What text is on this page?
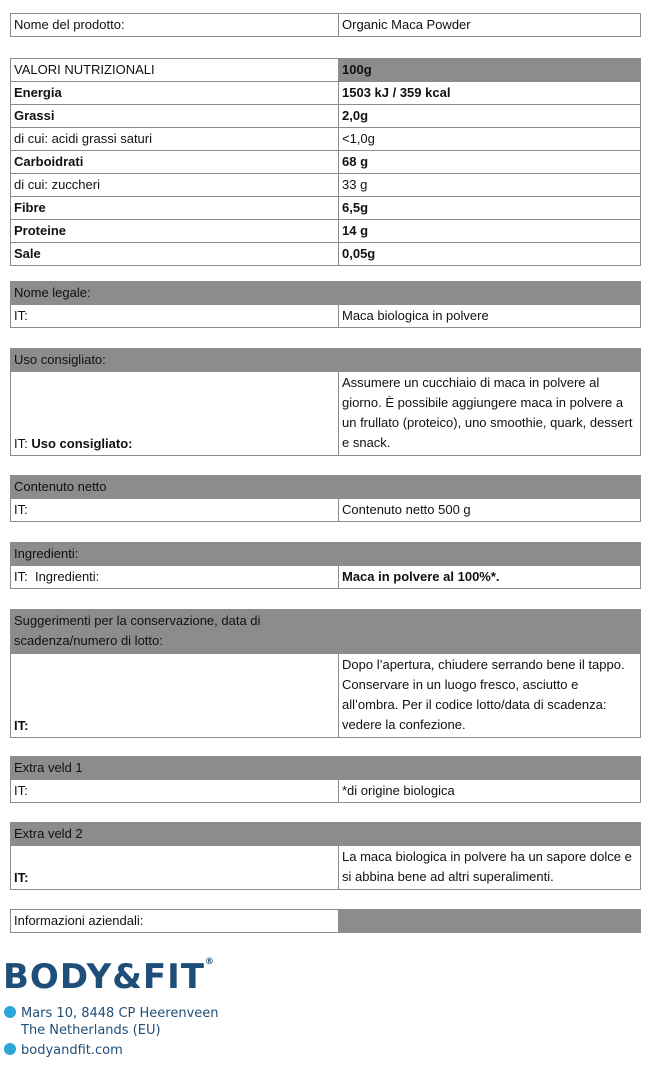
Nome del prodotto:	Organic Maca Powder
VALORI NUTRIZIONALI	100g
Energia	1503 kJ / 359 kcal
Grassi	2,0g
di cui: acidi grassi saturi	<1,0g
Carboidrati	68 g
di cui: zuccheri	33 g
Fibre	6,5g
Proteine	14 g
Sale	0,05g
Nome legale:
IT:	Maca biologica in polvere
Uso consigliato:
IT: Uso consigliato:	Assumere un cucchiaio di maca in polvere al giorno. È possibile aggiungere maca in polvere a un frullato (proteico), uno smoothie, quark, dessert e snack.
Contenuto netto
IT:	Contenuto netto 500 g
Ingredienti:
IT: Ingredienti:	Maca in polvere al 100%*.
Suggerimenti per la conservazione, data di scadenza/numero di lotto:	
IT:	Dopo l’apertura, chiudere serrando bene il tappo. Conservare in un luogo fresco, asciutto e all’ombra. Per il codice lotto/data di scadenza: vedere la confezione.
Extra veld 1
IT:	*di origine biologica
Extra veld 2
IT:	La maca biologica in polvere ha un sapore dolce e si abbina bene ad altri superalimenti.
Informazioni aziendali:	
BODY&FIT®
Mars 10, 8448 CP Heerenveen
The Netherlands (EU)
bodyandfit.com
